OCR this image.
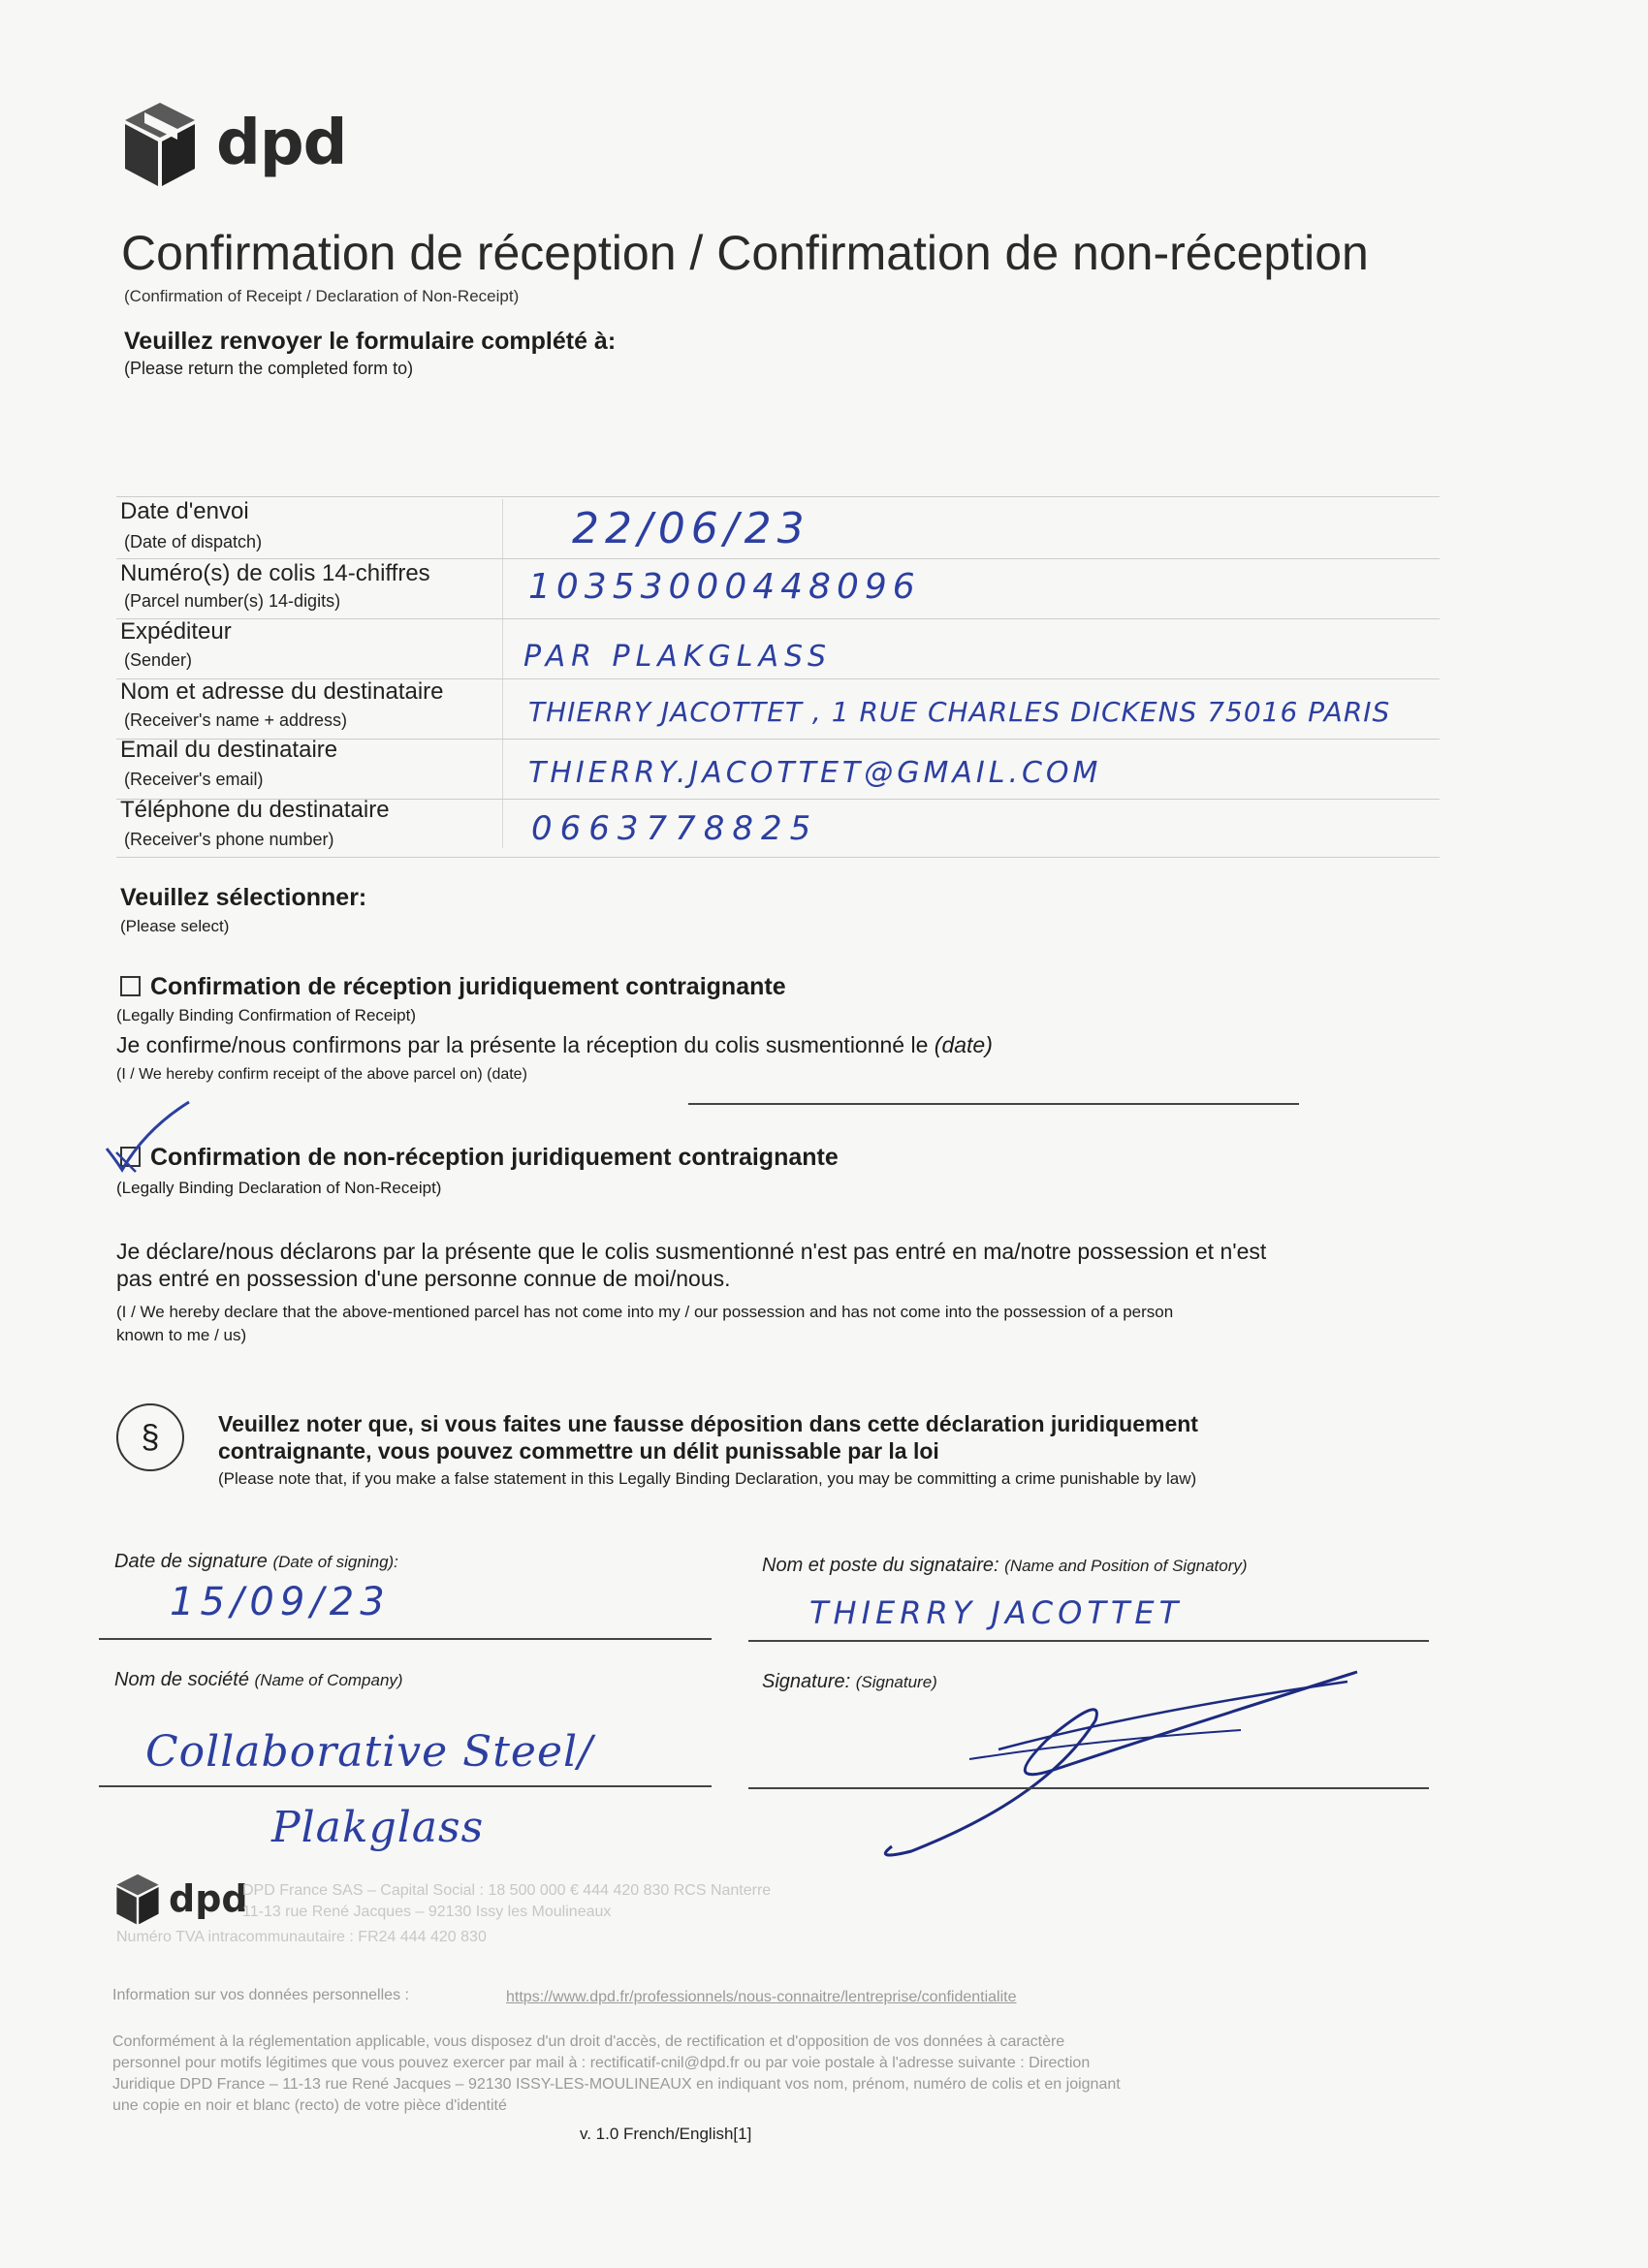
dpd
Confirmation de réception / Confirmation de non-réception
(Confirmation of Receipt / Declaration of Non-Receipt)
Veuillez renvoyer le formulaire complété à:
(Please return the completed form to)
Date d'envoi
(Date of dispatch)	22/06/23
Numéro(s) de colis 14-chiffres
(Parcel number(s) 14-digits)	10353000448096
Expéditeur
(Sender)	PAR PLAKGLASS
Nom et adresse du destinataire
(Receiver's name + address)	THIERRY JACOTTET , 1 RUE CHARLES DICKENS 75016 PARIS
Email du destinataire
(Receiver's email)	THIERRY.JACOTTET@GMAIL.COM
Téléphone du destinataire
(Receiver's phone number)	0663778825
Veuillez sélectionner:
(Please select)
Confirmation de réception juridiquement contraignante
(Legally Binding Confirmation of Receipt)
Je confirme/nous confirmons par la présente la réception du colis susmentionné le (date)
(I / We hereby confirm receipt of the above parcel on) (date)
Confirmation de non-réception juridiquement contraignante
(Legally Binding Declaration of Non-Receipt)
Je déclare/nous déclarons par la présente que le colis susmentionné n'est pas entré en ma/notre possession et n'est
pas entré en possession d'une personne connue de moi/nous.
(I / We hereby declare that the above-mentioned parcel has not come into my / our possession and has not come into the possession of a person
known to me / us)
§	Veuillez noter que, si vous faites une fausse déposition dans cette déclaration juridiquement
contraignante, vous pouvez commettre un délit punissable par la loi
(Please note that, if you make a false statement in this Legally Binding Declaration, you may be committing a crime punishable by law)
Date de signature (Date of signing):
15/09/23
Nom et poste du signataire: (Name and Position of Signatory)
THIERRY JACOTTET
Nom de société (Name of Company)
Collaborative Steel/
Plakglass
Signature: (Signature)
dpd
DPD France SAS – Capital Social : 18 500 000 € 444 420 830 RCS Nanterre
11-13 rue René Jacques – 92130 Issy les Moulineaux
Numéro TVA intracommunautaire : FR24 444 420 830
Information sur vos données personnelles :	https://www.dpd.fr/professionnels/nous-connaitre/lentreprise/confidentialite
Conformément à la réglementation applicable, vous disposez d'un droit d'accès, de rectification et d'opposition de vos données à caractère
personnel pour motifs légitimes que vous pouvez exercer par mail à : rectificatif-cnil@dpd.fr ou par voie postale à l'adresse suivante : Direction
Juridique DPD France – 11-13 rue René Jacques – 92130 ISSY-LES-MOULINEAUX en indiquant vos nom, prénom, numéro de colis et en joignant
une copie en noir et blanc (recto) de votre pièce d'identité
v. 1.0 French/English[1]
